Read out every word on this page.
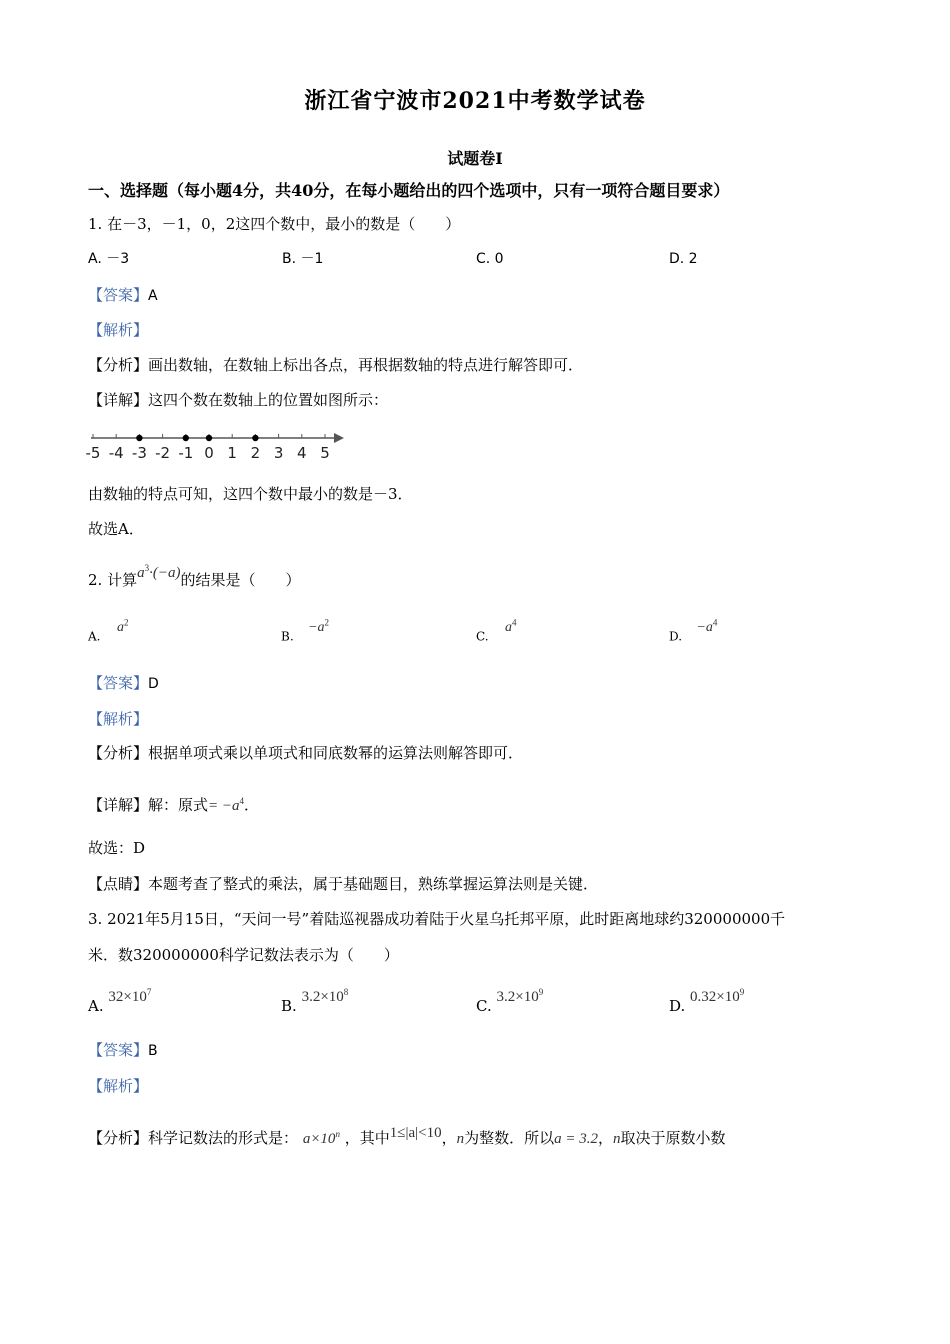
浙江省宁波市2021中考数学试卷
试题卷Ⅰ
一、选择题（每小题4分，共40分，在每小题给出的四个选项中，只有一项符合题目要求）
1. 在－3，－1，0，2这四个数中，最小的数是（　　）
A. －3	B. －1	C. 0	D. 2
【答案】A
【解析】
【分析】画出数轴，在数轴上标出各点，再根据数轴的特点进行解答即可．
【详解】这四个数在数轴上的位置如图所示：
-5 -4 -3 -2 -1 0 1 2 3 4 5
由数轴的特点可知，这四个数中最小的数是－3．
故选A．
2. 计算$a^3\cdot(-a)$的结果是（　　）
A. $a^2$
B. $-a^2$
C. $a^4$
D. $-a^4$
【答案】D
【解析】
【分析】根据单项式乘以单项式和同底数幂的运算法则解答即可．
【详解】解：原式= $-a^4$．
故选：D
【点睛】本题考查了整式的乘法，属于基础题目，熟练掌握运算法则是关键．
3. 2021年5月15日，“天问一号”着陆巡视器成功着陆于火星乌托邦平原，此时距离地球约320000000千
米．数320000000科学记数法表示为（　　）
A. $32\times 10^7$
B. $3.2\times 10^8$
C. $3.2\times 10^9$
D. $0.32\times 10^9$
【答案】B
【解析】
【分析】科学记数法的形式是： $a\times 10^n$ ，其中1≤|a|<10，n为整数．所以a = 3.2，n取决于原数小数
